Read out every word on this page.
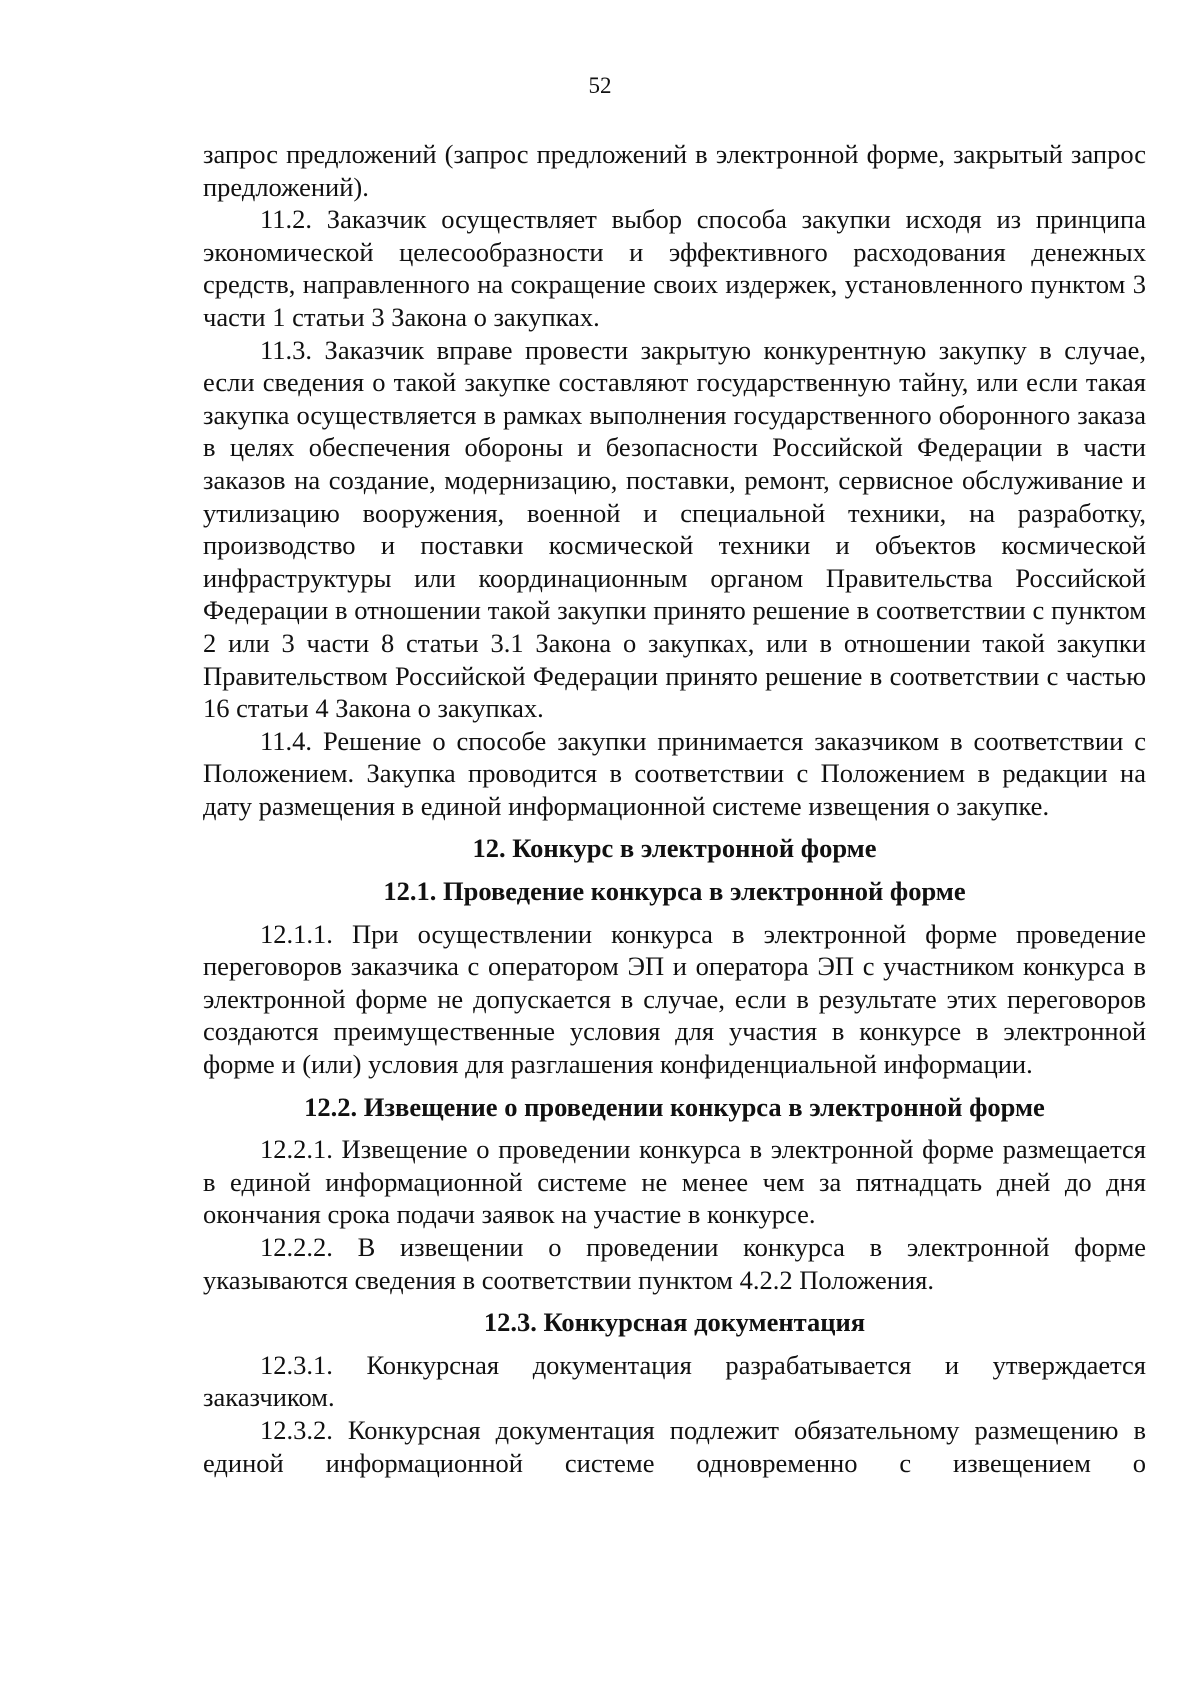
52

запрос предложений (запрос предложений в электронной форме, закрытый запрос предложений).

11.2. Заказчик осуществляет выбор способа закупки исходя из принципа экономической целесообразности и эффективного расходования денежных средств, направленного на сокращение своих издержек, установленного пунктом 3 части 1 статьи 3 Закона о закупках.

11.3. Заказчик вправе провести закрытую конкурентную закупку в случае, если сведения о такой закупке составляют государственную тайну, или если такая закупка осуществляется в рамках выполнения государственного оборонного заказа в целях обеспечения обороны и безопасности Российской Федерации в части заказов на создание, модернизацию, поставки, ремонт, сервисное обслуживание и утилизацию вооружения, военной и специальной техники, на разработку, производство и поставки космической техники и объектов космической инфраструктуры или координационным органом Правительства Российской Федерации в отношении такой закупки принято решение в соответствии с пунктом 2 или 3 части 8 статьи 3.1 Закона о закупках, или в отношении такой закупки Правительством Российской Федерации принято решение в соответствии с частью 16 статьи 4 Закона о закупках.

11.4. Решение о способе закупки принимается заказчиком в соответствии с Положением. Закупка проводится в соответствии с Положением в редакции на дату размещения в единой информационной системе извещения о закупке.

12. Конкурс в электронной форме

12.1. Проведение конкурса в электронной форме

12.1.1. При осуществлении конкурса в электронной форме проведение переговоров заказчика с оператором ЭП и оператора ЭП с участником конкурса в электронной форме не допускается в случае, если в результате этих переговоров создаются преимущественные условия для участия в конкурсе в электронной форме и (или) условия для разглашения конфиденциальной информации.

12.2. Извещение о проведении конкурса в электронной форме

12.2.1. Извещение о проведении конкурса в электронной форме размещается в единой информационной системе не менее чем за пятнадцать дней до дня окончания срока подачи заявок на участие в конкурсе.

12.2.2. В извещении о проведении конкурса в электронной форме указываются сведения в соответствии пунктом 4.2.2 Положения.

12.3. Конкурсная документация

12.3.1. Конкурсная документация разрабатывается и утверждается заказчиком.

12.3.2. Конкурсная документация подлежит обязательному размещению в единой информационной системе одновременно с извещением о
